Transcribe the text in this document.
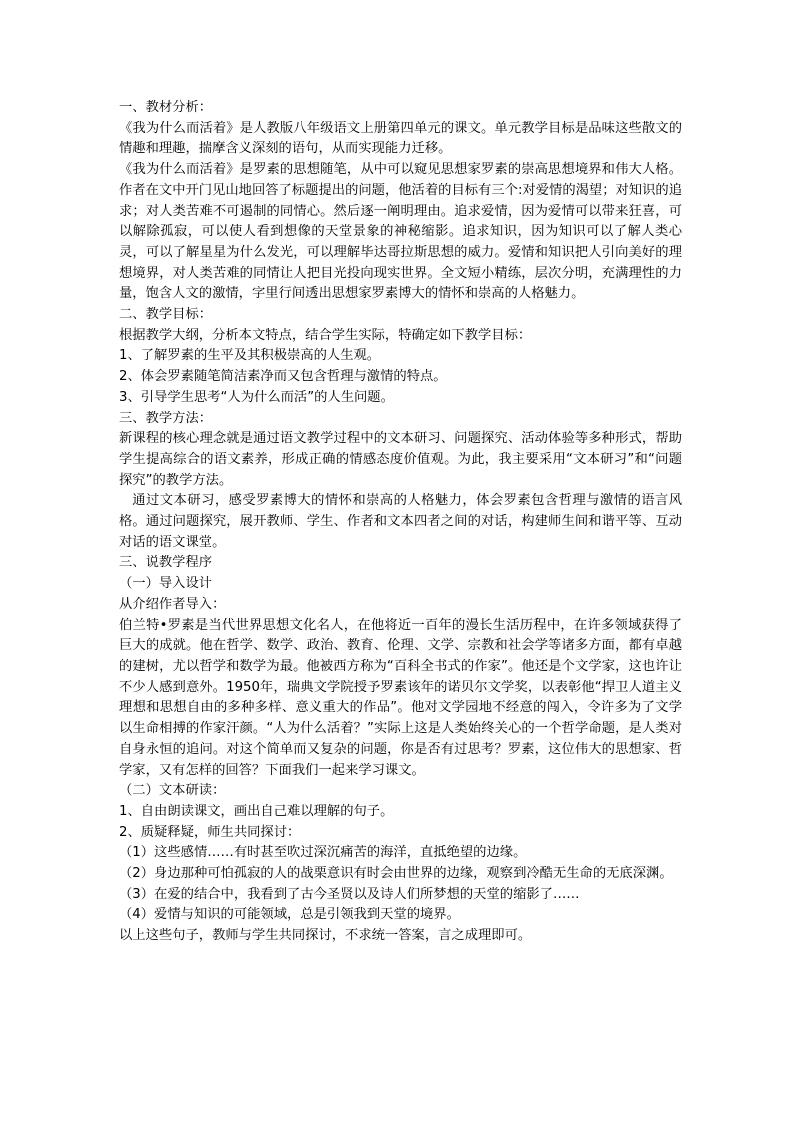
一、教材分析：

《我为什么而活着》是人教版八年级语文上册第四单元的课文。单元教学目标是品味这些散文的情趣和理趣，揣摩含义深刻的语句，从而实现能力迁移。

《我为什么而活着》是罗素的思想随笔，从中可以窥见思想家罗素的崇高思想境界和伟大人格。作者在文中开门见山地回答了标题提出的问题，他活着的目标有三个:对爱情的渴望；对知识的追求；对人类苦难不可遏制的同情心。然后逐一阐明理由。追求爱情，因为爱情可以带来狂喜，可以解除孤寂，可以使人看到想像的天堂景象的神秘缩影。追求知识，因为知识可以了解人类心灵，可以了解星星为什么发光，可以理解毕达哥拉斯思想的威力。爱情和知识把人引向美好的理想境界，对人类苦难的同情让人把目光投向现实世界。全文短小精练，层次分明，充满理性的力量，饱含人文的激情，字里行间透出思想家罗素博大的情怀和崇高的人格魅力。

二、教学目标：

根据教学大纲，分析本文特点，结合学生实际，特确定如下教学目标：

1、了解罗素的生平及其积极崇高的人生观。

2、体会罗素随笔简洁素净而又包含哲理与激情的特点。

3、引导学生思考“人为什么而活”的人生问题。

三、教学方法：

新课程的核心理念就是通过语文教学过程中的文本研习、问题探究、活动体验等多种形式，帮助学生提高综合的语文素养，形成正确的情感态度价值观。为此，我主要采用“文本研习”和“问题探究”的教学方法。

通过文本研习，感受罗素博大的情怀和崇高的人格魅力，体会罗素包含哲理与激情的语言风格。通过问题探究，展开教师、学生、作者和文本四者之间的对话，构建师生间和谐平等、互动对话的语文课堂。

三、说教学程序

（一）导入设计

从介绍作者导入：

伯兰特•罗素是当代世界思想文化名人，在他将近一百年的漫长生活历程中，在许多领域获得了巨大的成就。他在哲学、数学、政治、教育、伦理、文学、宗教和社会学等诸多方面，都有卓越的建树，尤以哲学和数学为最。他被西方称为“百科全书式的作家”。他还是个文学家，这也许让不少人感到意外。1950年，瑞典文学院授予罗素该年的诺贝尔文学奖，以表彰他“捍卫人道主义理想和思想自由的多种多样、意义重大的作品”。他对文学园地不经意的闯入，令许多为了文学以生命相搏的作家汗颜。“人为什么活着？”实际上这是人类始终关心的一个哲学命题，是人类对自身永恒的追问。对这个简单而又复杂的问题，你是否有过思考？罗素，这位伟大的思想家、哲学家，又有怎样的回答？下面我们一起来学习课文。

（二）文本研读：

1、自由朗读课文，画出自己难以理解的句子。

2、质疑释疑，师生共同探讨：

（1）这些感情……有时甚至吹过深沉痛苦的海洋，直抵绝望的边缘。

（2）身边那种可怕孤寂的人的战栗意识有时会由世界的边缘，观察到冷酷无生命的无底深渊。

（3）在爱的结合中，我看到了古今圣贤以及诗人们所梦想的天堂的缩影了……

（4）爱情与知识的可能领域，总是引领我到天堂的境界。

以上这些句子，教师与学生共同探讨，不求统一答案，言之成理即可。
